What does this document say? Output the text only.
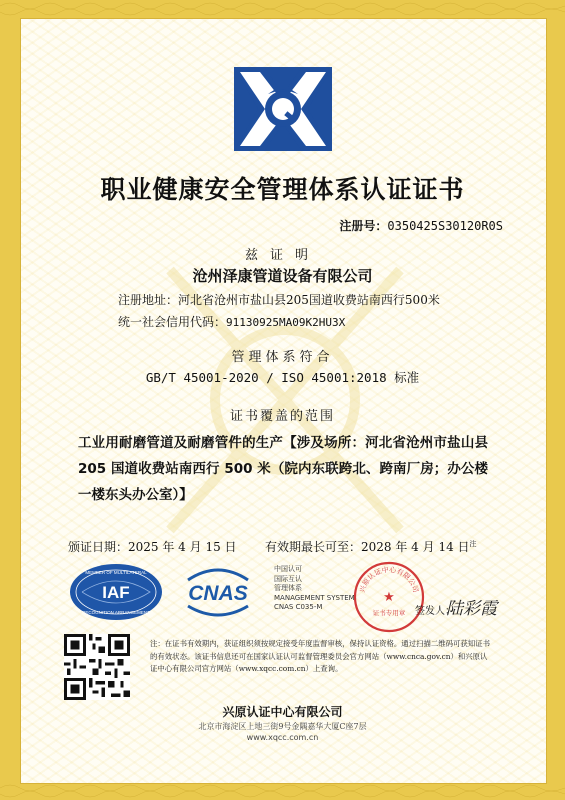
职业健康安全管理体系认证证书
注册号：0350425S30120R0S
兹证明
沧州泽康管道设备有限公司
注册地址：河北省沧州市盐山县205国道收费站南西行500米
统一社会信用代码：91130925MA09K2HU3X
管理体系符合
GB/T 45001-2020 / ISO 45001:2018 标准
证书覆盖的范围
工业用耐磨管道及耐磨管件的生产【涉及场所：河北省沧州市盐山县 205 国道收费站南西行 500 米（院内东联跨北、跨南厂房；办公楼一楼东头办公室）】
颁证日期：2025 年 4 月 15 日 有效期最长可至：2028 年 4 月 14 日$^注$
IAF
MEMBER OF MULTILATERAL
RECOGNITION ARRANGEMENT
CNAS
中国认可
国际互认
管理体系
MANAGEMENT SYSTEM
CNAS C035-M
兴原认证中心有限公司
★
证书专用章 签发人：
陆彩霞
注：在证书有效期内，获证组织须按规定接受年度监督审核，保持认证资格。通过扫描二维码可获知证书的有效状态。该证书信息还可在国家认证认可监督管理委员会官方网站（www.cnca.gov.cn）和兴原认证中心有限公司官方网站（www.xqcc.com.cn）上查询。
兴原认证中心有限公司
北京市海淀区上地三街9号金隅嘉华大厦C座7层
www.xqcc.com.cn
